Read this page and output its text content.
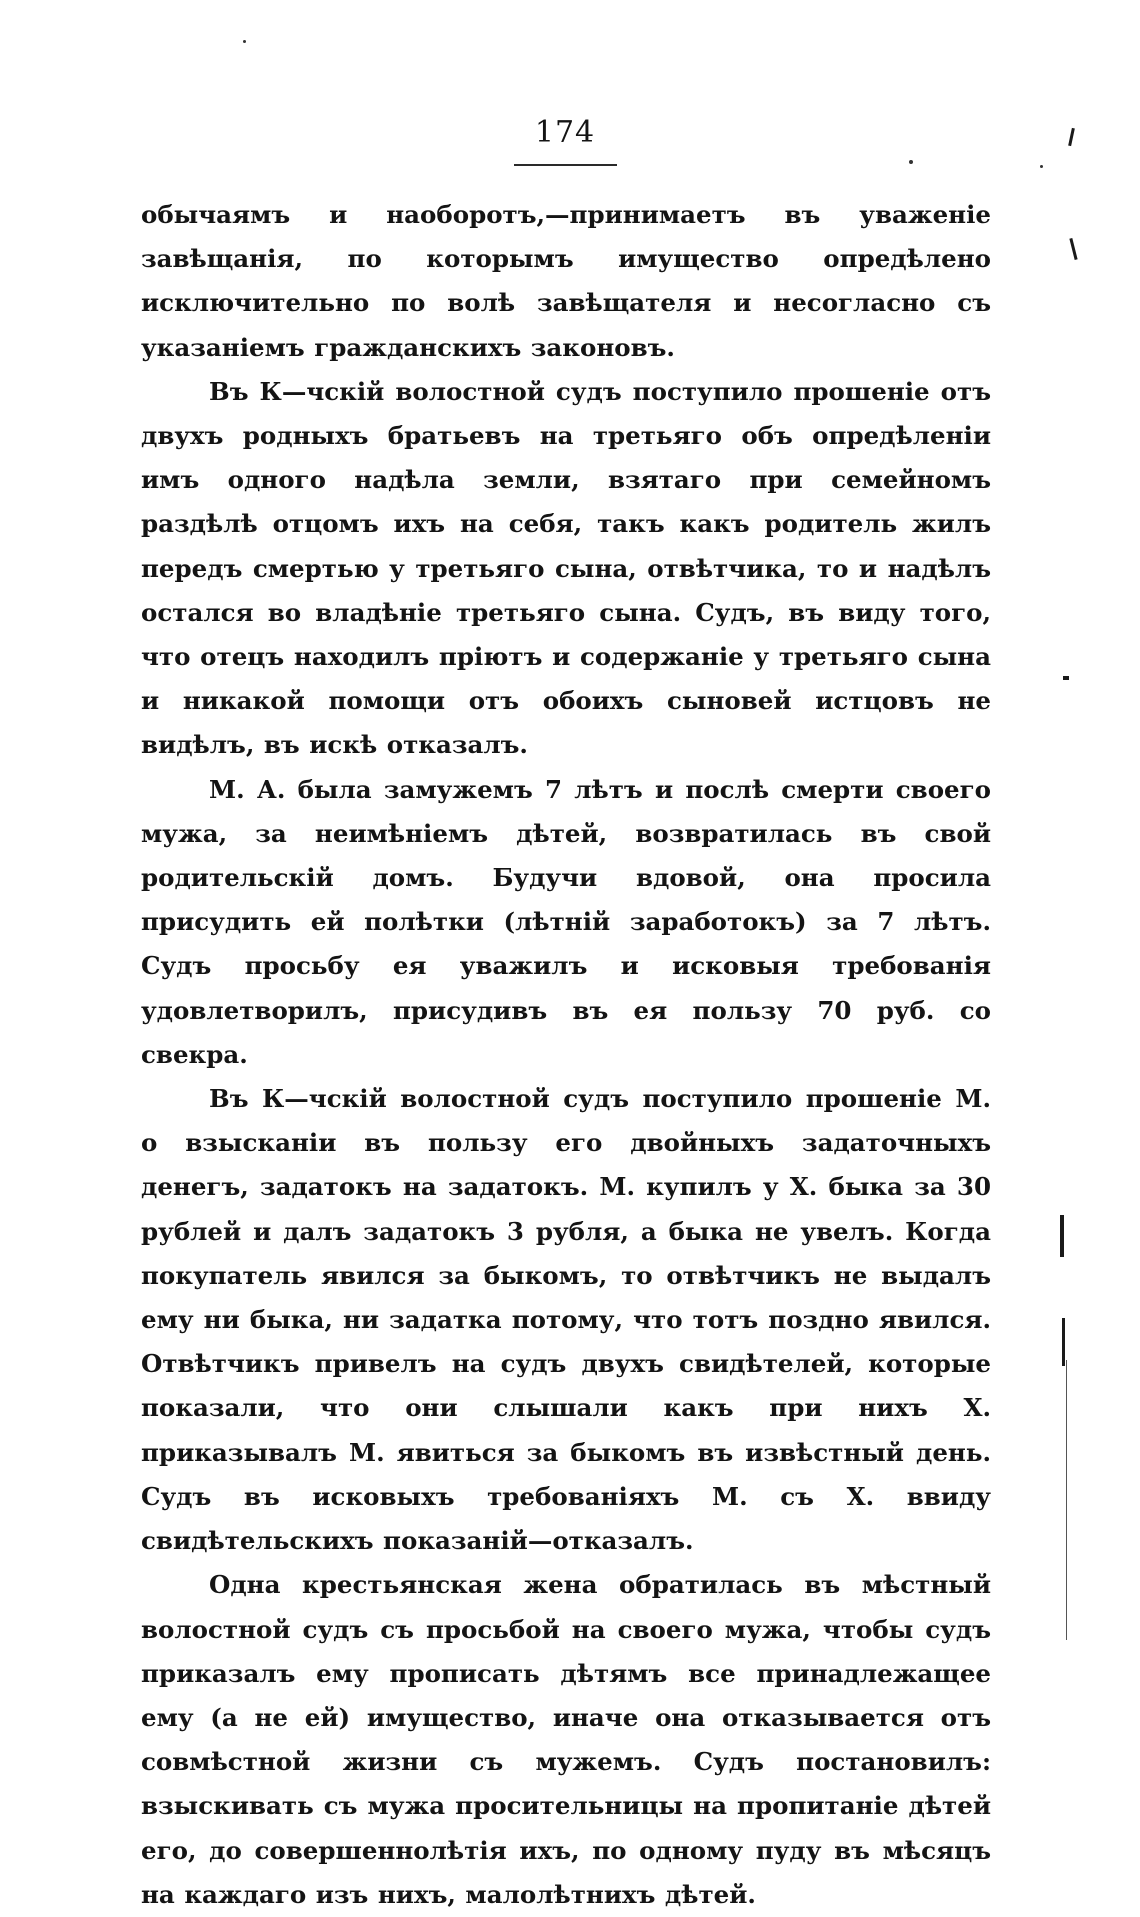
174

обычаямъ и наоборотъ,—принимаетъ въ уваженіе завѣщанія, по которымъ имущество опредѣлено исключительно по волѣ завѣщателя и несогласно съ указаніемъ гражданскихъ законовъ.

Въ К—чскій волостной судъ поступило прошеніе отъ двухъ родныхъ братьевъ на третьяго объ опредѣленіи имъ одного надѣла земли, взятаго при семейномъ раздѣлѣ отцомъ ихъ на себя, такъ какъ родитель жилъ передъ смертью у третьяго сына, отвѣтчика, то и надѣлъ остался во владѣніе третьяго сына. Судъ, въ виду того, что отецъ находилъ пріютъ и содержаніе у третьяго сына и никакой помощи отъ обоихъ сыновей истцовъ не видѣлъ, въ искѣ отказалъ.

М. А. была замужемъ 7 лѣтъ и послѣ смерти своего мужа, за неимѣніемъ дѣтей, возвратилась въ свой родительскій домъ. Будучи вдовой, она просила присудить ей полѣтки (лѣтній заработокъ) за 7 лѣтъ. Судъ просьбу ея уважилъ и исковыя требованія удовлетворилъ, присудивъ въ ея пользу 70 руб. со свекра.

Въ К—чскій волостной судъ поступило прошеніе М. о взысканіи въ пользу его двойныхъ задаточныхъ денегъ, задатокъ на задатокъ. М. купилъ у Х. быка за 30 рублей и далъ задатокъ 3 рубля, а быка не увелъ. Когда покупатель явился за быкомъ, то отвѣтчикъ не выдалъ ему ни быка, ни задатка потому, что тотъ поздно явился. Отвѣтчикъ привелъ на судъ двухъ свидѣтелей, которые показали, что они слышали какъ при нихъ Х. приказывалъ М. явиться за быкомъ въ извѣстный день. Судъ въ исковыхъ требованіяхъ М. съ Х. ввиду свидѣтельскихъ показаній—отказалъ.

Одна крестьянская жена обратилась въ мѣстный волостной судъ съ просьбой на своего мужа, чтобы судъ приказалъ ему прописать дѣтямъ все принадлежащее ему (а не ей) имущество, иначе она отказывается отъ совмѣстной жизни съ мужемъ. Судъ постановилъ: взыскивать съ мужа просительницы на пропитаніе дѣтей его, до совершеннолѣтія ихъ, по одному пуду въ мѣсяцъ на каждаго изъ нихъ, малолѣтнихъ дѣтей.
